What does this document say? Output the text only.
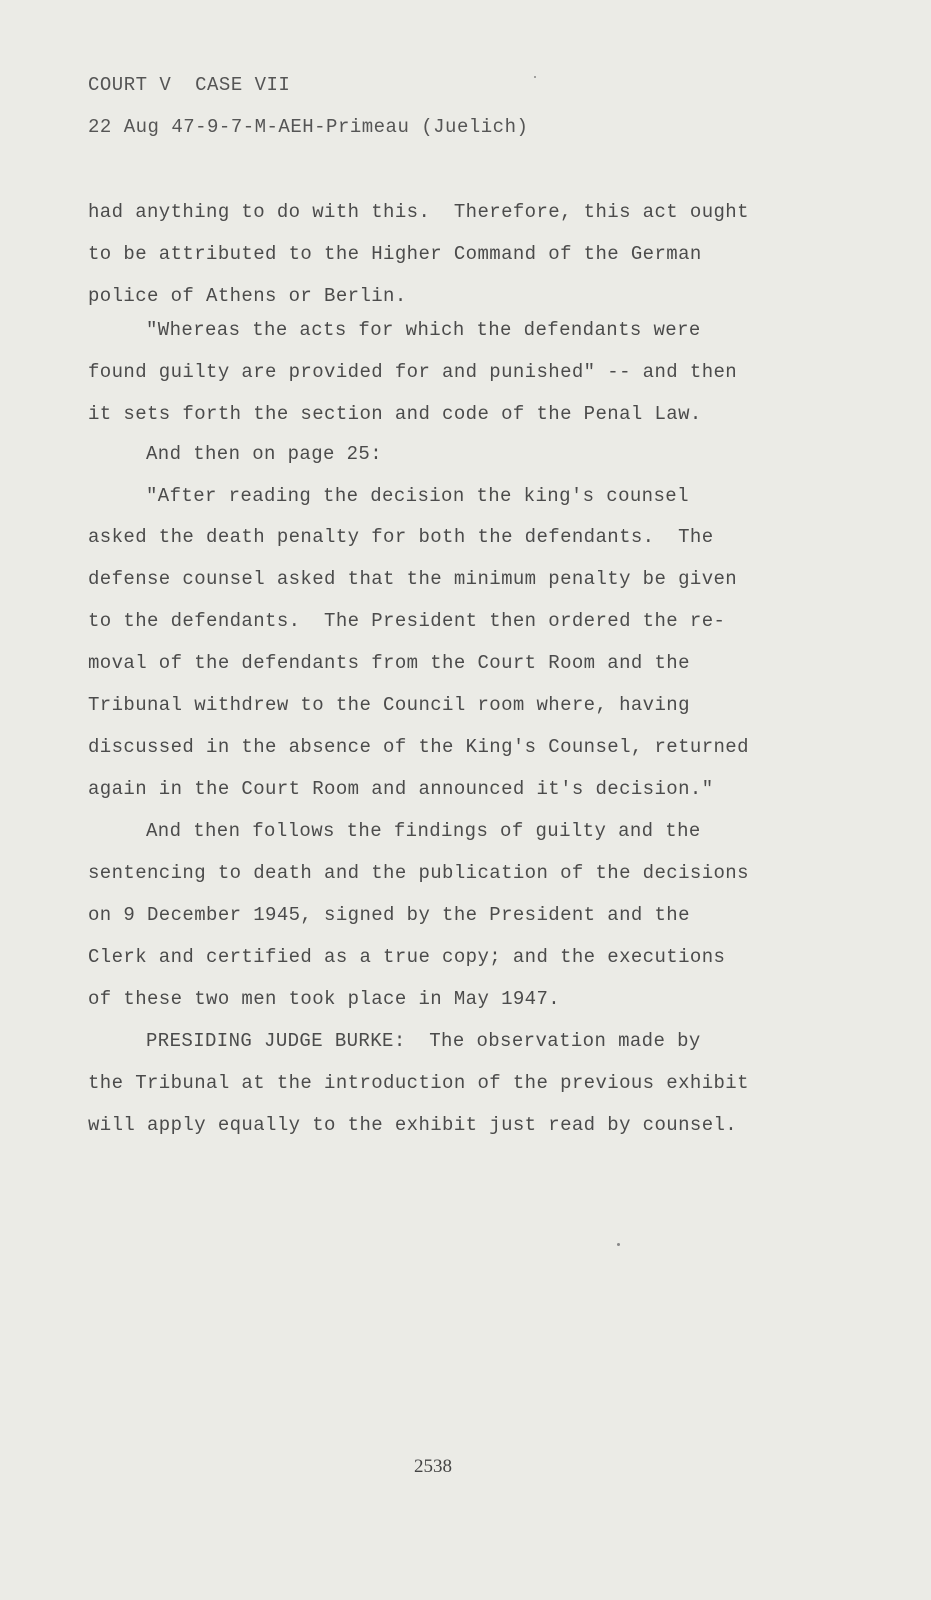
COURT V  CASE VII
22 Aug 47-9-7-M-AEH-Primeau (Juelich)
had anything to do with this.  Therefore, this act ought
to be attributed to the Higher Command of the German
police of Athens or Berlin.
"Whereas the acts for which the defendants were
found guilty are provided for and punished" -- and then
it sets forth the section and code of the Penal Law.
And then on page 25:
"After reading the decision the king's counsel
asked the death penalty for both the defendants.  The
defense counsel asked that the minimum penalty be given
to the defendants.  The President then ordered the re-
moval of the defendants from the Court Room and the
Tribunal withdrew to the Council room where, having
discussed in the absence of the King's Counsel, returned
again in the Court Room and announced it's decision."
And then follows the findings of guilty and the
sentencing to death and the publication of the decisions
on 9 December 1945, signed by the President and the
Clerk and certified as a true copy; and the executions
of these two men took place in May 1947.
PRESIDING JUDGE BURKE:  The observation made by
the Tribunal at the introduction of the previous exhibit
will apply equally to the exhibit just read by counsel.
2538
